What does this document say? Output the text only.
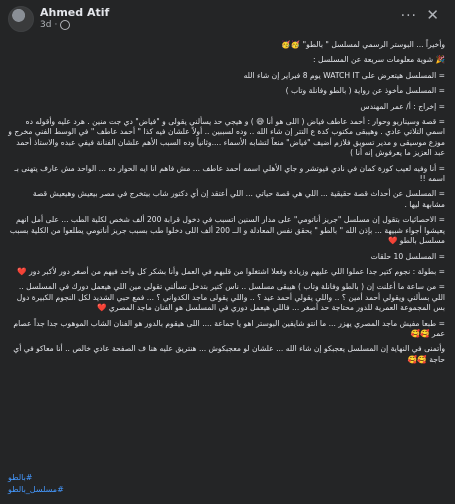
Ahmed Atif
3d ·
··· ✕

وأخيراً ... البوستر الرسمي لمسلسل " بالطو" 🥳🥳

🎉 شوية معلومات سريعة عن المسلسل :

= المسلسل هيتعرض على WATCH IT يوم 8 فبراير إن شاء الله

= المسلسل مأخوذ عن رواية ( بالطو وفانلة وتاب )

= إخراج : أ/ عمر المهندس

= قصة وسيناريو وحوار : أحمد عاطف فياض ( اللى هو أنا 😅 ) و هيجي حد يسألني يقولى و "فياض" دي جت منين . هرد عليه وأقوله ده اسمي التلاتي عادي . وهيبقى مكتوب كدة ع التتر إن شاء الله .. وده لسببين .. أولاً علشان فيه كذا " أحمد عاطف " في الوسط الفني مخرج و موزع موسيقى و مدير تسويق فلازم أضيف "فياض" منعاً لتشابه الأسماء ....وثانياً وده السبب الأهم علشان الفنانة فيفي عبده والاستاذ أحمد عبد العزيز ما يعرفوش إنه أنا )

= أنا وفيه لعيب كورة كمان في نادي فيوتشر و جاي الأهلي اسمه أحمد عاطف ... مش فاهم انا ايه الحوار ده ... الواحد مش عارف يتهنى بـ اسمه !!

= المسلسل عن أحداث قصة حقيقية ... اللي هي قصة حياتي ... اللي أعتقد إن أي دكتور شاب بيتخرج في مصر بيعيش وهيعيش قصة مشابهة ليها .

= الاحصائيات بتقول إن مسلسل "جريز أناتومي" على مدار السنين اتسبب في دخول قرابة 200 ألف شخص لكلية الطب ... على أمل انهم يعيشوا أجواء شبيهة ... بإذن الله " بالطو " يحقق نفس المعادلة و الــ 200 ألف اللى دخلوا طب بسبب جريز أناتومي يطلعوا من الكلية بسبب مسلسل بالطو ❤️

= المسلسل 10 حلقات

= بطولة : نجوم كتير جدا عملوا اللي عليهم وزيادة وفعلا اشتغلوا من قلبهم في العمل وأنا بشكر كل واحد فيهم من أصغر دور لأكبر دور ❤️

= من ساعة ما أعلنت إن ( بالطو وفانلة وتاب ) هيبقى مسلسل .. ناس كتير بتدخل تسألني تقولى مين اللي هيعمل دورك في المسلسل .. اللي بسألني ويقولي أحمد أمين ؟ .. واللي يقولي أحمد عيد ؟ .. واللي يقولى ماجد الكدواني ؟ ... فمع حبي الشديد لكل النجوم الكبيرة دول بس المجموعة العمرية للدور محتاجة حد أصغر ... فاللي هيعمل دوري في المسلسل هو الفنان ماجد المصري ❤️

= طبعا مفيش ماجد المصري يهزر ... ما انتو شايفين البوستر اهو يا جماعة .... اللى هيقوم بالدور هو الفنان الشاب الموهوب جدا جداً عصام عمر 🥰🥰

وأتمنى في النهاية إن المسلسل يعجبكو إن شاء الله ... علشان لو معجبكوش ... هنتريق عليه هنا ف الصفحة عادي خالص .. أنا معاكو في أي حاجة 🥰🥰

#بالطو
#مسلسل_بالطو
